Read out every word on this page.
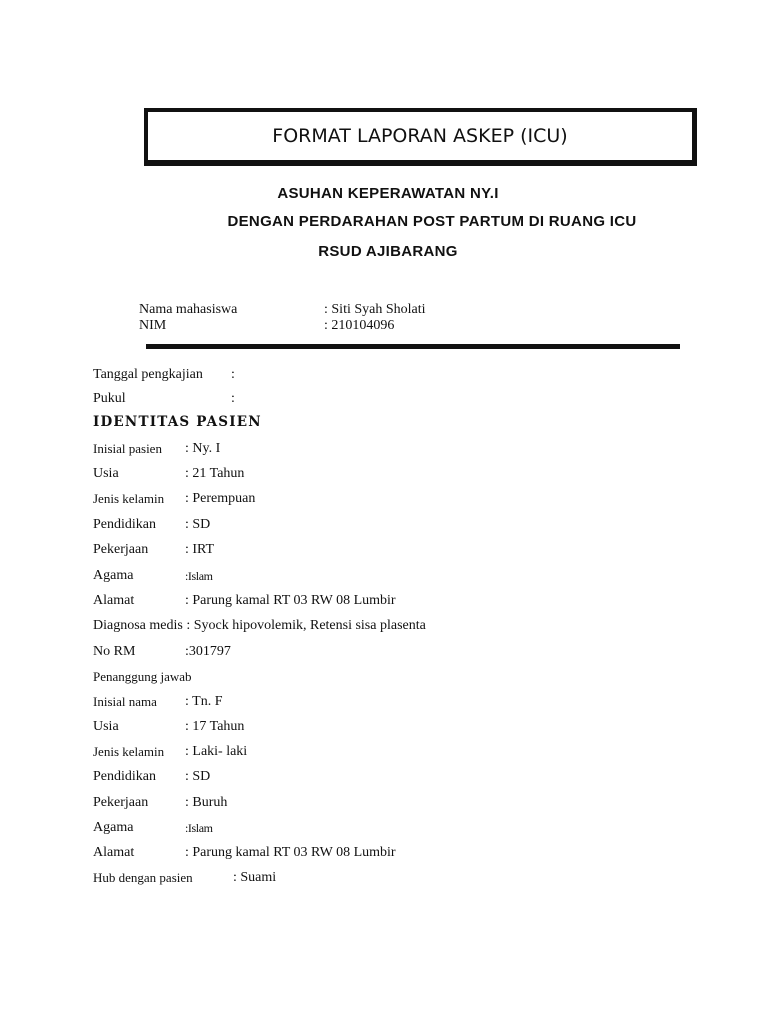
FORMAT LAPORAN ASKEP (ICU)
ASUHAN KEPERAWATAN NY.I
DENGAN PERDARAHAN POST PARTUM DI RUANG ICU
RSUD AJIBARANG
Nama mahasiswa	: Siti Syah Sholati
NIM	: 210104096
Tanggal pengkajian :
Pukul	:
IDENTITAS PASIEN
Inisial pasien : Ny. I
Usia	: 21 Tahun
Jenis kelamin : Perempuan
Pendidikan : SD
Pekerjaan	: IRT
Agama	:Islam
Alamat	: Parung kamal RT 03 RW 08 Lumbir
Diagnosa medis : Syock hipovolemik, Retensi sisa plasenta
No RM	:301797
Penanggung jawab
Inisial nama : Tn. F
Usia	: 17 Tahun
Jenis kelamin : Laki- laki
Pendidikan : SD
Pekerjaan	: Buruh
Agama	:Islam
Alamat	: Parung kamal RT 03 RW 08 Lumbir
Hub dengan pasien	: Suami
